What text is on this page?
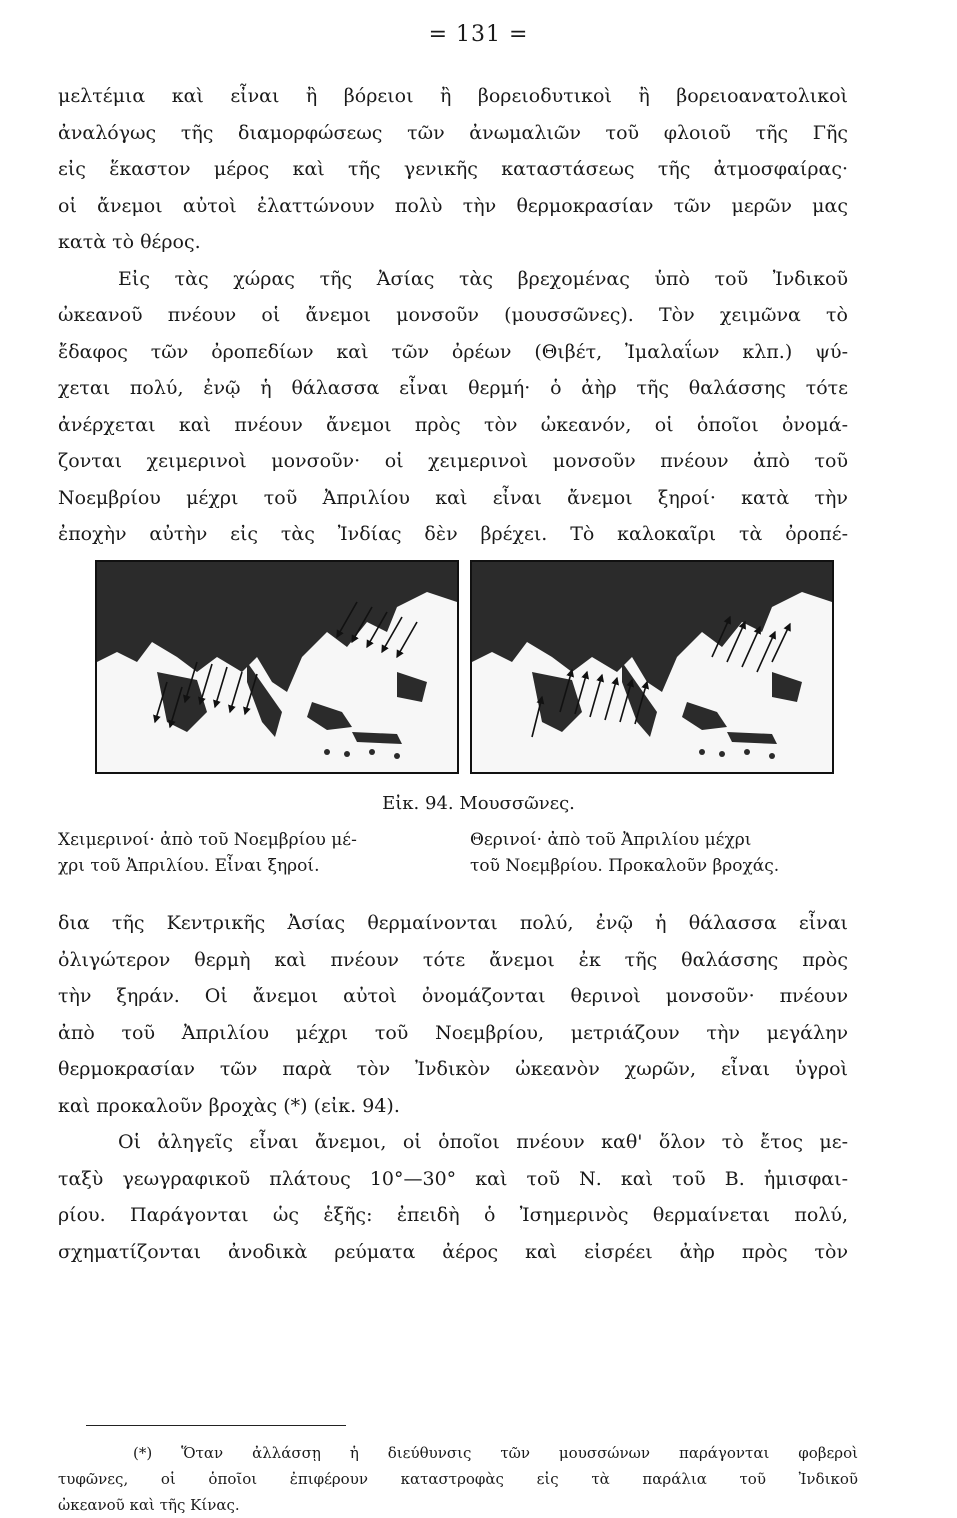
= 131 =
μελτέμια καὶ εἶναι ἢ βόρειοι ἢ βορειοδυτικοὶ ἢ βορειοανατολικοὶ
ἀναλόγως τῆς διαμορφώσεως τῶν ἀνωμαλιῶν τοῦ φλοιοῦ τῆς Γῆς
εἰς ἕκαστον μέρος καὶ τῆς γενικῆς καταστάσεως τῆς ἀτμοσφαίρας·
οἱ ἄνεμοι αὐτοὶ ἐλαττώνουν πολὺ τὴν θερμοκρασίαν τῶν μερῶν μας
κατὰ τὸ θέρος.
Εἰς τὰς χώρας τῆς Ἀσίας τὰς βρεχομένας ὑπὸ τοῦ Ἰνδικοῦ
ὠκεανοῦ πνέουν οἱ ἄνεμοι μονσοῦν (μουσσῶνες). Τὸν χειμῶνα τὸ
ἔδαφος τῶν ὀροπεδίων καὶ τῶν ὀρέων (Θιβέτ, Ἰμαλαΐων κλπ.) ψύ-
χεται πολύ, ἐνῷ ἡ θάλασσα εἶναι θερμή· ὁ ἀὴρ τῆς θαλάσσης τότε
ἀνέρχεται καὶ πνέουν ἄνεμοι πρὸς τὸν ὠκεανόν, οἱ ὁποῖοι ὀνομά-
ζονται χειμερινοὶ μονσοῦν· οἱ χειμερινοὶ μονσοῦν πνέουν ἀπὸ τοῦ
Νοεμβρίου μέχρι τοῦ Ἀπριλίου καὶ εἶναι ἄνεμοι ξηροί· κατὰ τὴν
ἐποχὴν αὐτὴν εἰς τὰς Ἰνδίας δὲν βρέχει. Τὸ καλοκαῖρι τὰ ὀροπέ-
Εἰκ. 94. Μουσσῶνες.
Χειμερινοί· ἀπὸ τοῦ Νοεμβρίου μέ-
χρι τοῦ Ἀπριλίου. Εἶναι ξηροί.
Θερινοί· ἀπὸ τοῦ Ἀπριλίου μέχρι
τοῦ Νοεμβρίου. Προκαλοῦν βροχάς.
δια τῆς Κεντρικῆς Ἀσίας θερμαίνονται πολύ, ἐνῷ ἡ θάλασσα εἶναι
ὀλιγώτερον θερμὴ καὶ πνέουν τότε ἄνεμοι ἐκ τῆς θαλάσσης πρὸς
τὴν ξηράν. Οἱ ἄνεμοι αὐτοὶ ὀνομάζονται θερινοὶ μονσοῦν· πνέουν
ἀπὸ τοῦ Ἀπριλίου μέχρι τοῦ Νοεμβρίου, μετριάζουν τὴν μεγάλην
θερμοκρασίαν τῶν παρὰ τὸν Ἰνδικὸν ὠκεανὸν χωρῶν, εἶναι ὑγροὶ
καὶ προκαλοῦν βροχὰς (*) (εἰκ. 94).
Οἱ ἀληγεῖς εἶναι ἄνεμοι, οἱ ὁποῖοι πνέουν καθ' ὅλον τὸ ἔτος με-
ταξὺ γεωγραφικοῦ πλάτους 10°—30° καὶ τοῦ Ν. καὶ τοῦ Β. ἡμισφαι-
ρίου. Παράγονται ὡς ἑξῆς: ἐπειδὴ ὁ Ἰσημερινὸς θερμαίνεται πολύ,
σχηματίζονται ἀνοδικὰ ρεύματα ἀέρος καὶ εἰσρέει ἀὴρ πρὸς τὸν
(*) Ὅταν ἀλλάσσῃ ἡ διεύθυνσις τῶν μουσσώνων παράγονται φοβεροὶ
τυφῶνες, οἱ ὁποῖοι ἐπιφέρουν καταστροφὰς εἰς τὰ παράλια τοῦ Ἰνδικοῦ
ὠκεανοῦ καὶ τῆς Κίνας.
